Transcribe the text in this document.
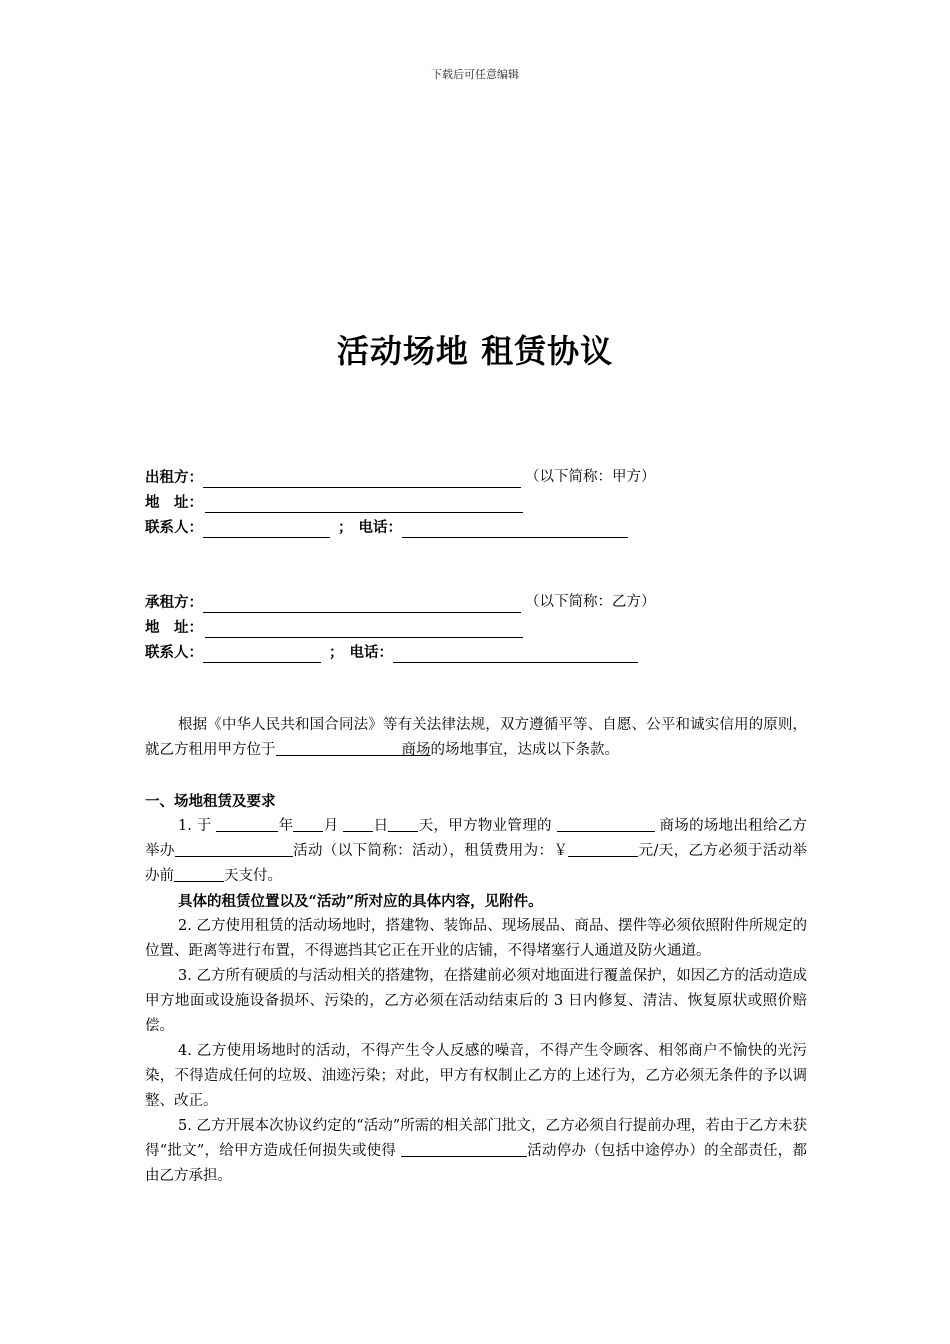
下载后可任意编辑
活动场地 租赁协议
出租方：	（以下简称：甲方）
地　址：
联系人：	； 电话：
承租方：	（以下简称：乙方）
地　址：
联系人：	； 电话：

根据《中华人民共和国合同法》等有关法律法规，双方遵循平等、自愿、公平和诚实信用的原则，就乙方租用甲方位于	商场的场地事宜，达成以下条款。

一、场地租赁及要求

1. 于	年 月 日 天，甲方物业管理的	商场的场地出租给乙方举办	活动（以下简称：活动），租赁费用为：￥	元/天，乙方必须于活动举办前	天支付。

具体的租赁位置以及“活动”所对应的具体内容，见附件。

2. 乙方使用租赁的活动场地时，搭建物、装饰品、现场展品、商品、摆件等必须依照附件所规定的位置、距离等进行布置，不得遮挡其它正在开业的店铺，不得堵塞行人通道及防火通道。

3. 乙方所有硬质的与活动相关的搭建物，在搭建前必须对地面进行覆盖保护，如因乙方的活动造成甲方地面或设施设备损坏、污染的，乙方必须在活动结束后的 3 日内修复、清洁、恢复原状或照价赔偿。

4. 乙方使用场地时的活动，不得产生令人反感的噪音，不得产生令顾客、相邻商户不愉快的光污染，不得造成任何的垃圾、油迹污染；对此，甲方有权制止乙方的上述行为，乙方必须无条件的予以调整、改正。

5. 乙方开展本次协议约定的“活动”所需的相关部门批文，乙方必须自行提前办理，若由于乙方未获得“批文”，给甲方造成任何损失或使得	活动停办（包括中途停办）的全部责任，都由乙方承担。
